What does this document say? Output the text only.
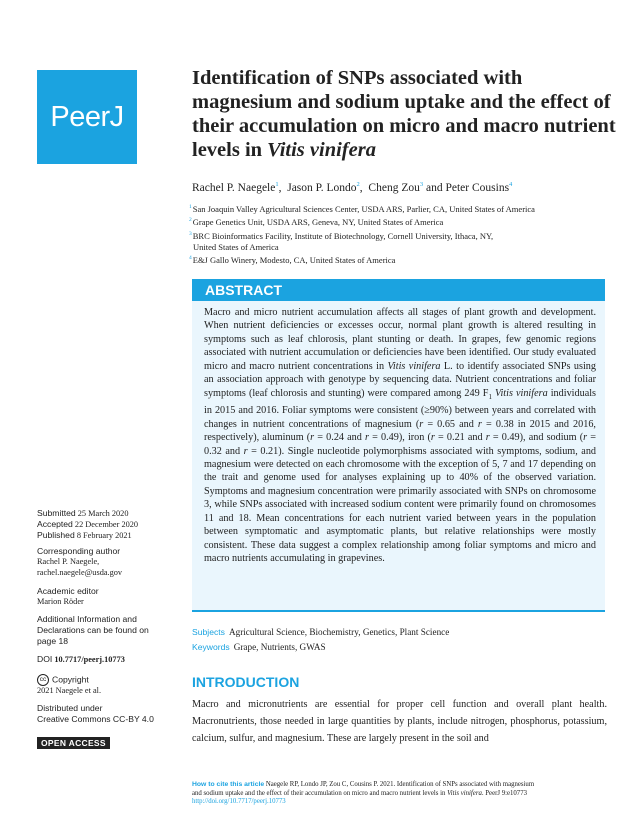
PeerJ
Identification of SNPs associated with magnesium and sodium uptake and the effect of their accumulation on micro and macro nutrient levels in Vitis vinifera
Rachel P. Naegele$^1$,  Jason P. Londo$^2$,  Cheng Zou$^3$ and Peter Cousins$^4$
$^1$San Joaquin Valley Agricultural Sciences Center, USDA ARS, Parlier, CA, United States of America
$^2$Grape Genetics Unit, USDA ARS, Geneva, NY, United States of America
$^3$BRC Bioinformatics Facility, Institute of Biotechnology, Cornell University, Ithaca, NY,
United States of America
$^4$E&J Gallo Winery, Modesto, CA, United States of America
ABSTRACT
Macro and micro nutrient accumulation affects all stages of plant growth and development. When nutrient deficiencies or excesses occur, normal plant growth is altered resulting in symptoms such as leaf chlorosis, plant stunting or death. In grapes, few genomic regions associated with nutrient accumulation or deficiencies have been identified. Our study evaluated micro and macro nutrient concentrations in Vitis vinifera L. to identify associated SNPs using an association approach with genotype by sequencing data. Nutrient concentrations and foliar symptoms (leaf chlorosis and stunting) were compared among 249 $F_1$ Vitis vinifera individuals in 2015 and 2016. Foliar symptoms were consistent (≥90%) between years and correlated with changes in nutrient concentrations of magnesium (r = 0.65 and r = 0.38 in 2015 and 2016, respectively), aluminum (r = 0.24 and r = 0.49), iron (r = 0.21 and r = 0.49), and sodium (r = 0.32 and r = 0.21). Single nucleotide polymorphisms associated with symptoms, sodium, and magnesium were detected on each chromosome with the exception of 5, 7 and 17 depending on the trait and genome used for analyses explaining up to 40% of the observed variation. Symptoms and magnesium concentration were primarily associated with SNPs on chromosome 3, while SNPs associated with increased sodium content were primarily found on chromosomes 11 and 18. Mean concentrations for each nutrient varied between years in the population between symptomatic and asymptomatic plants, but relative relationships were mostly consistent. These data suggest a complex relationship among foliar symptoms and micro and macro nutrients accumulating in grapevines.
Subjects Agricultural Science, Biochemistry, Genetics, Plant Science
Keywords Grape, Nutrients, GWAS
INTRODUCTION
Macro and micronutrients are essential for proper cell function and overall plant health. Macronutrients, those needed in large quantities by plants, include nitrogen, phosphorus, potassium, calcium, sulfur, and magnesium. These are largely present in the soil and
Submitted 25 March 2020
Accepted 22 December 2020
Published 8 February 2021
Corresponding author
Rachel P. Naegele,
rachel.naegele@usda.gov
Academic editor
Marion Röder
Additional Information and
Declarations can be found on
page 18
DOI 10.7717/peerj.10773
cc Copyright
2021 Naegele et al.
Distributed under
Creative Commons CC-BY 4.0
OPEN ACCESS
How to cite this article Naegele RP, Londo JP, Zou C, Cousins P. 2021. Identification of SNPs associated with magnesium
and sodium uptake and the effect of their accumulation on micro and macro nutrient levels in Vitis vinifera. PeerJ 9:e10773
http://doi.org/10.7717/peerj.10773
